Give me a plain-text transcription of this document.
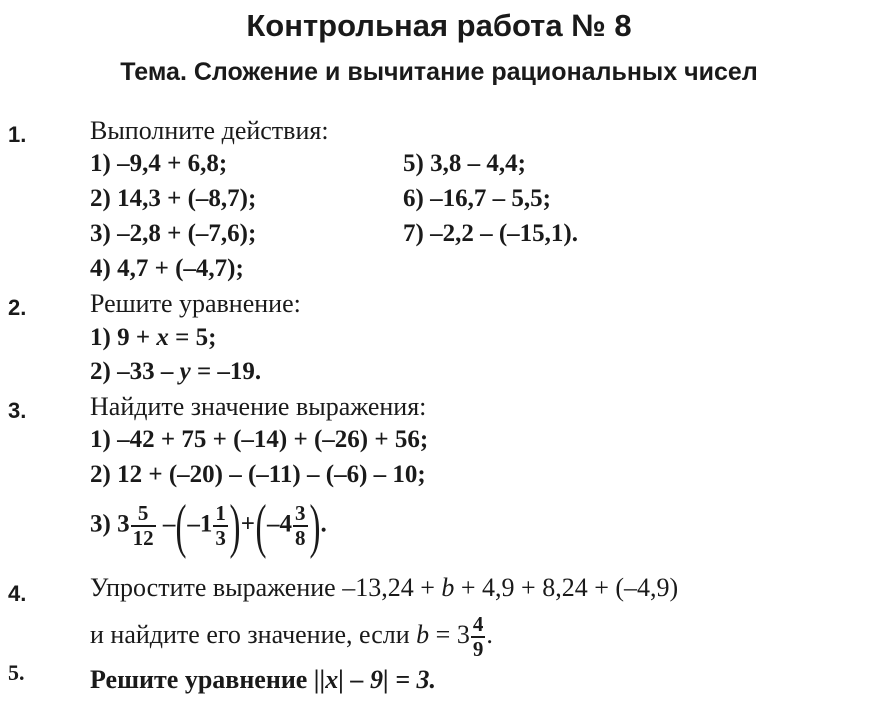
Контрольная работа № 8
Тема. Сложение и вычитание рациональных чисел
1. Выполните действия:
1) –9,4 + 6,8;
2) 14,3 + (–8,7);
3) –2,8 + (–7,6);
4) 4,7 + (–4,7);
5) 3,8 – 4,4;
6) –16,7 – 5,5;
7) –2,2 – (–15,1).
2. Решите уравнение:
1) 9 + x = 5;
2) –33 – y = –19.
3. Найдите значение выражения:
1) –42 + 75 + (–14) + (–26) + 56;
2) 12 + (–20) – (–11) – (–6) – 10;
3) $3 \frac{5}{12} -(-1 \frac{1}{3} )+(-4 \frac{3}{8}$ ).
4. Упростите выражение –13,24 + b + 4,9 + 8,24 + (–4,9)
и найдите его значение, если $b = 3 \frac{4}{9}$ .
5.	Решите уравнение ||x| – 9| = 3.
